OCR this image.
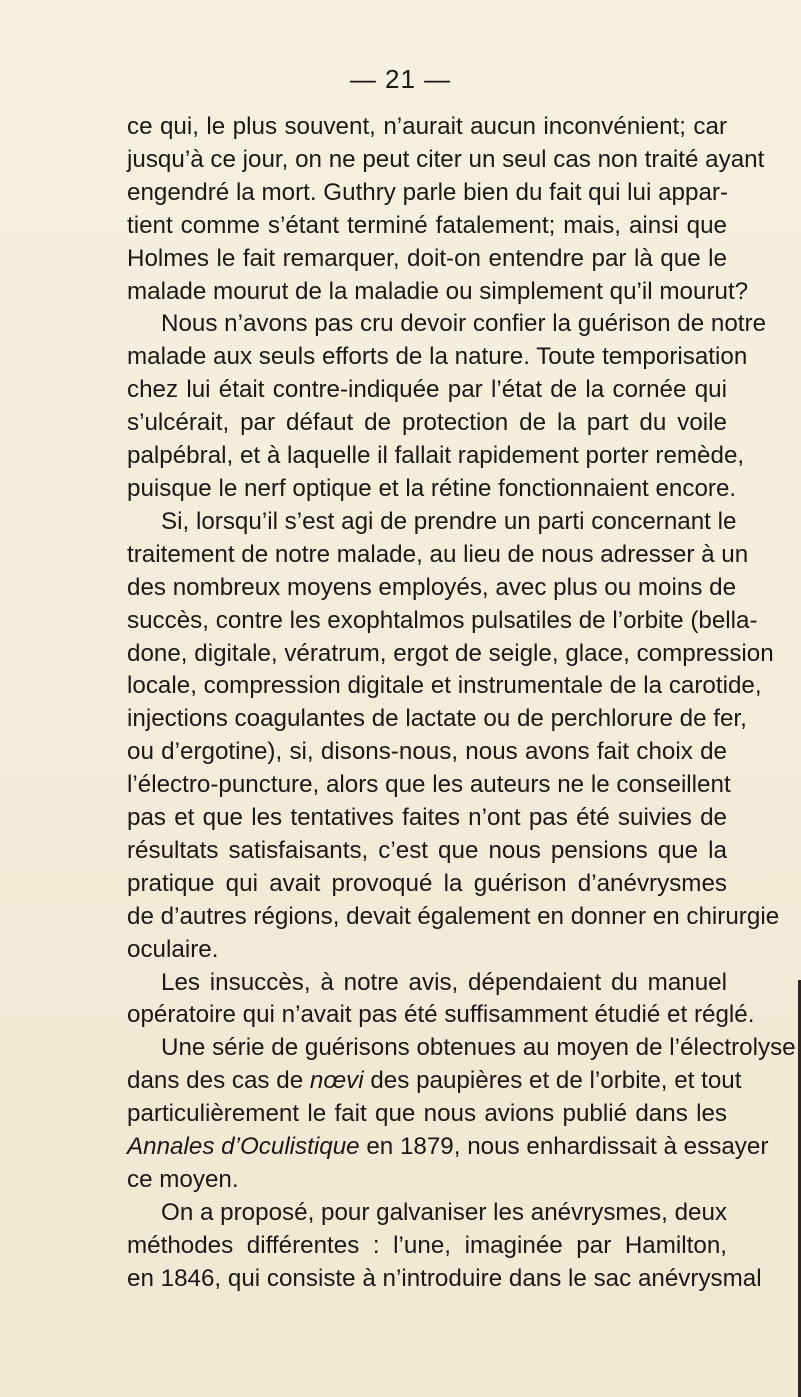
— 21 —
ce qui, le plus souvent, n’aurait aucun inconvénient; car
jusqu’à ce jour, on ne peut citer un seul cas non traité ayant
engendré la mort. Guthry parle bien du fait qui lui appar-
tient comme s’étant terminé fatalement; mais, ainsi que
Holmes le fait remarquer, doit-on entendre par là que le
malade mourut de la maladie ou simplement qu’il mourut?
Nous n’avons pas cru devoir confier la guérison de notre
malade aux seuls efforts de la nature. Toute temporisation
chez lui était contre-indiquée par l’état de la cornée qui
s’ulcérait, par défaut de protection de la part du voile
palpébral, et à laquelle il fallait rapidement porter remède,
puisque le nerf optique et la rétine fonctionnaient encore.
Si, lorsqu’il s’est agi de prendre un parti concernant le
traitement de notre malade, au lieu de nous adresser à un
des nombreux moyens employés, avec plus ou moins de
succès, contre les exophtalmos pulsatiles de l’orbite (bella-
done, digitale, vératrum, ergot de seigle, glace, compression
locale, compression digitale et instrumentale de la carotide,
injections coagulantes de lactate ou de perchlorure de fer,
ou d’ergotine), si, disons-nous, nous avons fait choix de
l’électro-puncture, alors que les auteurs ne le conseillent
pas et que les tentatives faites n’ont pas été suivies de
résultats satisfaisants, c’est que nous pensions que la
pratique qui avait provoqué la guérison d’anévrysmes
de d’autres régions, devait également en donner en chirurgie
oculaire.
Les insuccès, à notre avis, dépendaient du manuel
opératoire qui n’avait pas été suffisamment étudié et réglé.
Une série de guérisons obtenues au moyen de l’électrolyse
dans des cas de nœvi des paupières et de l’orbite, et tout
particulièrement le fait que nous avions publié dans les
Annales d’Oculistique en 1879, nous enhardissait à essayer
ce moyen.
On a proposé, pour galvaniser les anévrysmes, deux
méthodes différentes : l’une, imaginée par Hamilton,
en 1846, qui consiste à n’introduire dans le sac anévrysmal
